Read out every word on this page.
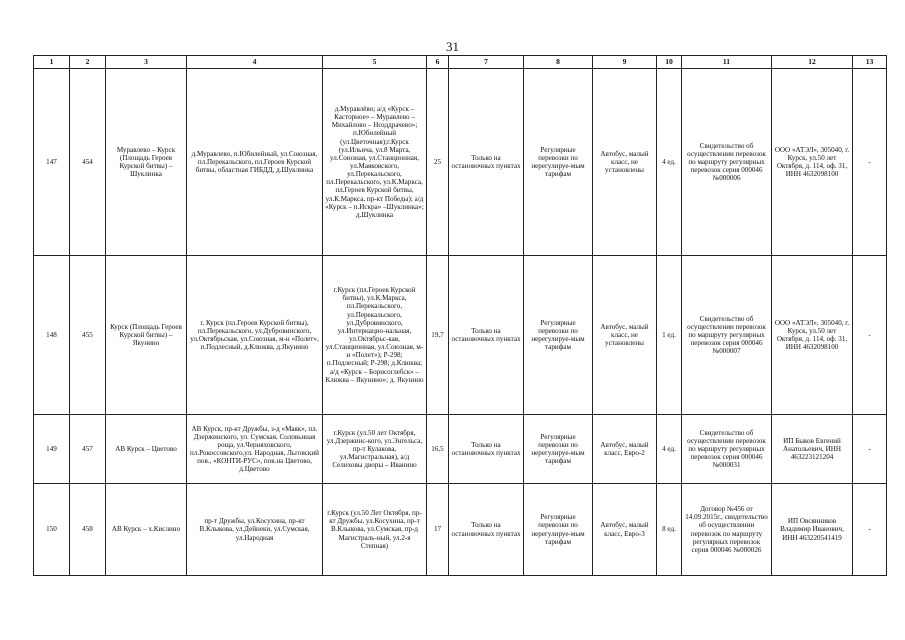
31
1	2	3	4	5	6	7	8	9	10	11	12	13
147	454	Муравлево – Курск (Площадь Героев Курской битвы) – Шуклинка	д.Муравлево, п.Юбилейный, ул.Союзная, пл.Перекальского, пл.Героев Курской битвы, областная ГИБДД, д.Шуклинка	д.Муравлёво; а/д «Курск – Касторное» – Муравлево – Михайлово – Нозддрачево»; п.Юбилейный (ул.Цветочная);г.Курск (ул.Ильича, ул.8 Марта, ул.Союзная, ул.Станционная, ул.Маяковского, ул.Перекальского, пл.Перекальского, ул.К.Маркса, пл.Героев Курской битвы, ул.К.Маркса, пр-кт Победы); а/д «Курск – п.Искра» –Шуклинка»; д.Шуклинка	25	Только на остановочных пунктах	Регулярные перевозки по нерегулируе-мым тарифам	Автобус, малый класс, не установлены	4 ед.	Свидетельство об осуществлении перевозок по маршруту регулярных перевозок серия 000046 №000006	ООО «АТЭЛ», 305040, г. Курск, ул.50 лет Октября, д. 114, оф. 31, ИНН 4632098100	-
148	455	Курск (Площадь Героев Курской битвы) – Якунино	г. Курск (пл.Героев Курской битвы), пл.Перекальского, ул.Дубровинского, ул.Октябрьская, ул.Союзная, м-н «Полет», п.Подлесный, д.Клюква, д.Якунино	г.Курск (пл.Героев Курской битвы), ул.К.Маркса, пл.Перекальского, ул.Перекальского, ул.Дубровинского, ул.Интернацио-нальная, ул.Октябрьс-кая, ул.Станционная, ул.Союзная, м-н «Полет»); Р-298; п.Подлесный; Р-298; д.Клюква; а/д «Курск – Борисоглебск» – Клюква – Якунино»; д. Якунино	19,7	Только на остановочных пунктах	Регулярные перевозки по нерегулируе-мым тарифам	Автобус, малый класс, не установлены	1 ед.	Свидетельство об осуществлении перевозок по маршруту регулярных перевозок серия 000046 №000007	ООО «АТЭЛ», 305040, г. Курск, ул.50 лет Октября, д. 114, оф. 31, ИНН 4632098100	-
149	457	АВ Курск – Цветово	АВ Курск, пр-кт Дружбы, з-д «Маяк», пл. Дзержинского, ул. Сумская, Соловьиная роща, ул.Черняховского, пл.Рокоссовского,ул. Народная, Льговский пов., «КОНТИ-РУС», пов.на Цветово, д.Цветово	г.Курск (ул.50 лет Октября, ул.Дзержинс-кого, ул.Энгельса, пр-т Кулакова, ул.Магистральная), а/д Селиховы дворы – Иванино	16,5	Только на остановочных пунктах	Регулярные перевозки по нерегулируе-мым тарифам	Автобус, малый класс, Евро-2	4 ед.	Свидетельство об осуществлении перевозок по маршруту регулярных перевозок серия 000046 №000031	ИП Быков Евгений Анатольевич, ИНН 463223121204	-
150	458	АВ Курск – х.Кислино	пр-т Дружбы, ул.Косухина, пр-кт В.Клыкова, ул.Дейнеки, ул.Сумская, ул.Народная	г.Курск (ул.50 Лет Октября, пр-кт Дружбы, ул.Косухина, пр-т В.Клыкова, ул.Сумская, пр-д Магистраль-ный, ул.2-я Степная)	17	Только на остановочных пунктах	Регулярные перевозки по нерегулируе-мым тарифам	Автобус, малый класс, Евро-3	8 ед.	Договор №456 от 14.09.2015г., свидетельство об осуществлении перевозок по маршруту регулярных перевозок серия 000046 №000026	ИП Овсянников Владимир Иванович, ИНН 463220541419	-
